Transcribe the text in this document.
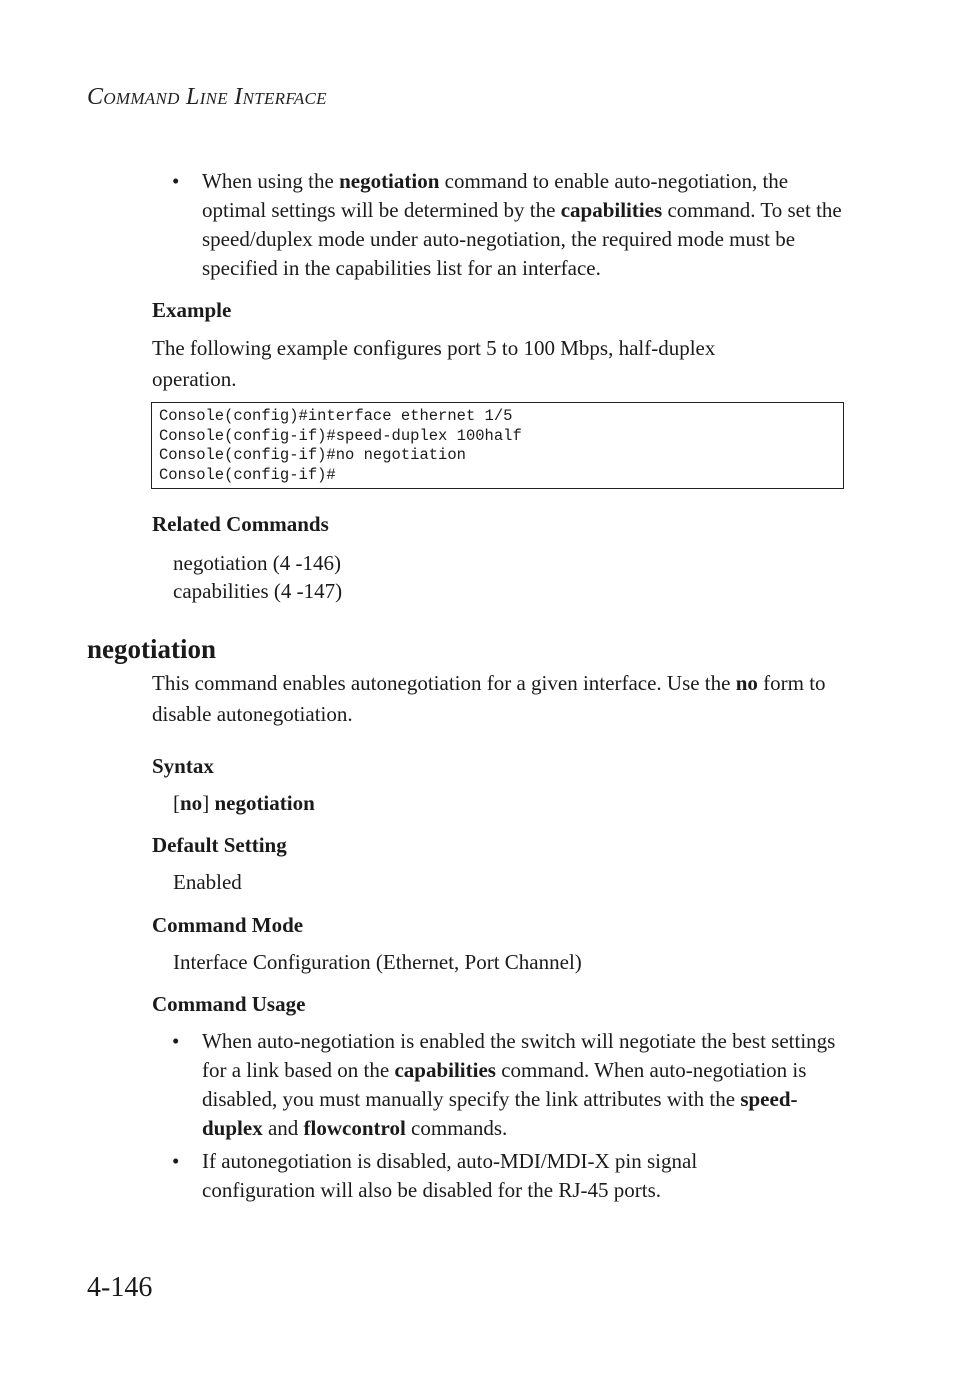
COMMAND LINE INTERFACE
• When using the negotiation command to enable auto-negotiation, the optimal settings will be determined by the capabilities command. To set the speed/duplex mode under auto-negotiation, the required mode must be specified in the capabilities list for an interface.
Example
The following example configures port 5 to 100 Mbps, half-duplex operation.
Console(config)#interface ethernet 1/5
Console(config-if)#speed-duplex 100half
Console(config-if)#no negotiation
Console(config-if)#
Related Commands
negotiation (4 -146)
capabilities (4 -147)
negotiation
This command enables autonegotiation for a given interface. Use the no form to disable autonegotiation.
Syntax
[no] negotiation
Default Setting
Enabled
Command Mode
Interface Configuration (Ethernet, Port Channel)
Command Usage
• When auto-negotiation is enabled the switch will negotiate the best settings for a link based on the capabilities command. When auto-negotiation is disabled, you must manually specify the link attributes with the speed-duplex and flowcontrol commands.
• If autonegotiation is disabled, auto-MDI/MDI-X pin signal configuration will also be disabled for the RJ-45 ports.
4-146
